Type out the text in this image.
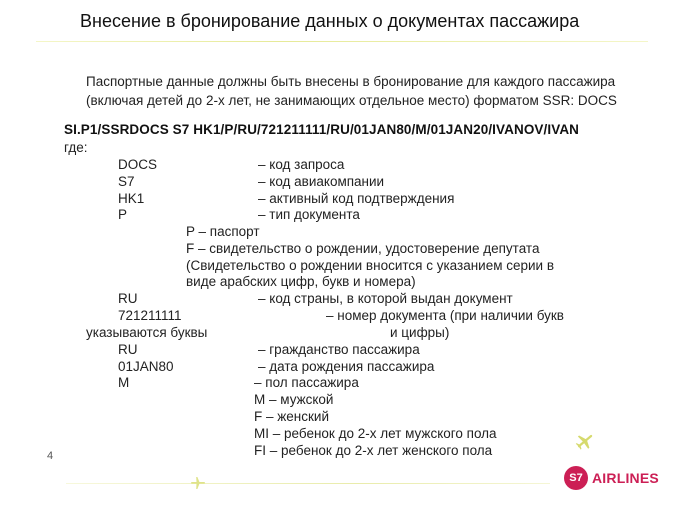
Внесение в бронирование данных о документах пассажира
Паспортные данные должны быть внесены в бронирование для каждого пассажира
(включая детей до 2-х лет, не занимающих отдельное место) форматом SSR: DOCS
SI.P1/SSRDOCS S7 HK1/P/RU/721211111/RU/01JAN80/M/01JAN20/IVANOV/IVAN
где:
DOCS	– код запроса
S7	– код авиакомпании
HK1	– активный код подтверждения
P	– тип документа
P – паспорт
F – свидетельство о рождении, удостоверение депутата
(Свидетельство о рождении вносится с указанием серии в
виде арабских цифр, букв и номера)
RU	– код страны, в которой выдан документ
721211111	– номер документа (при наличии букв
указываются буквы	и цифры)
RU	– гражданство пассажира
01JAN80	– дата рождения пассажира
M	– пол пассажира
M – мужской
F – женский
MI – ребенок до 2-х лет мужского пола
FI – ребенок до 2-х лет женского пола
4
S7 AIRLINES
